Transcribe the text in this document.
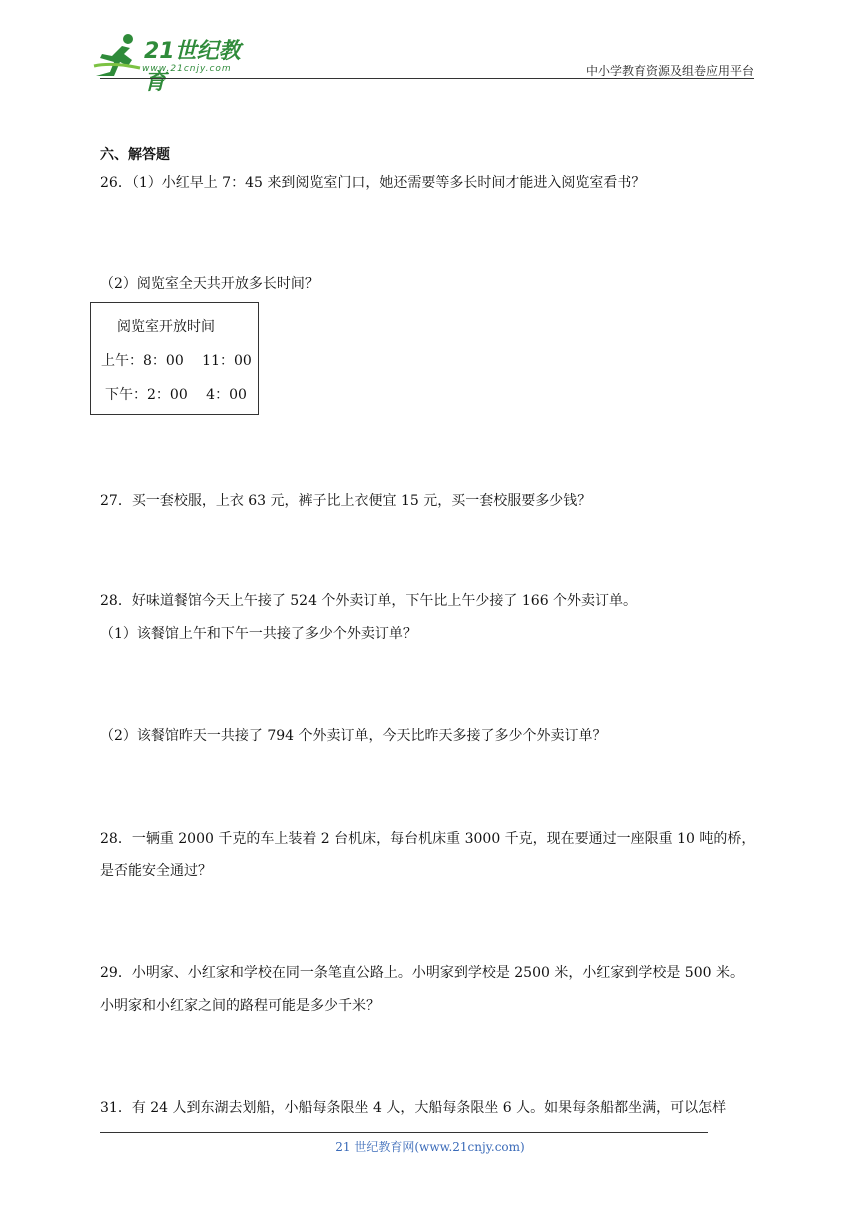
21世纪教育
www.21cnjy.com	中小学教育资源及组卷应用平台
六、解答题
26．（1）小红早上 7：45 来到阅览室门口，她还需要等多长时间才能进入阅览室看书？
（2）阅览室全天共开放多长时间？
阅览室开放时间
上午：8：00　 11：00
下午：2：00　 4：00
27．买一套校服，上衣 63 元，裤子比上衣便宜 15 元，买一套校服要多少钱？
28．好味道餐馆今天上午接了 524 个外卖订单，下午比上午少接了 166 个外卖订单。
（1）该餐馆上午和下午一共接了多少个外卖订单？
（2）该餐馆昨天一共接了 794 个外卖订单，今天比昨天多接了多少个外卖订单？
28．一辆重 2000 千克的车上装着 2 台机床，每台机床重 3000 千克，现在要通过一座限重 10 吨的桥，
是否能安全通过？
29．小明家、小红家和学校在同一条笔直公路上。小明家到学校是 2500 米，小红家到学校是 500 米。
小明家和小红家之间的路程可能是多少千米？
31．有 24 人到东湖去划船，小船每条限坐 4 人，大船每条限坐 6 人。如果每条船都坐满，可以怎样
21 世纪教育网(www.21cnjy.com)
